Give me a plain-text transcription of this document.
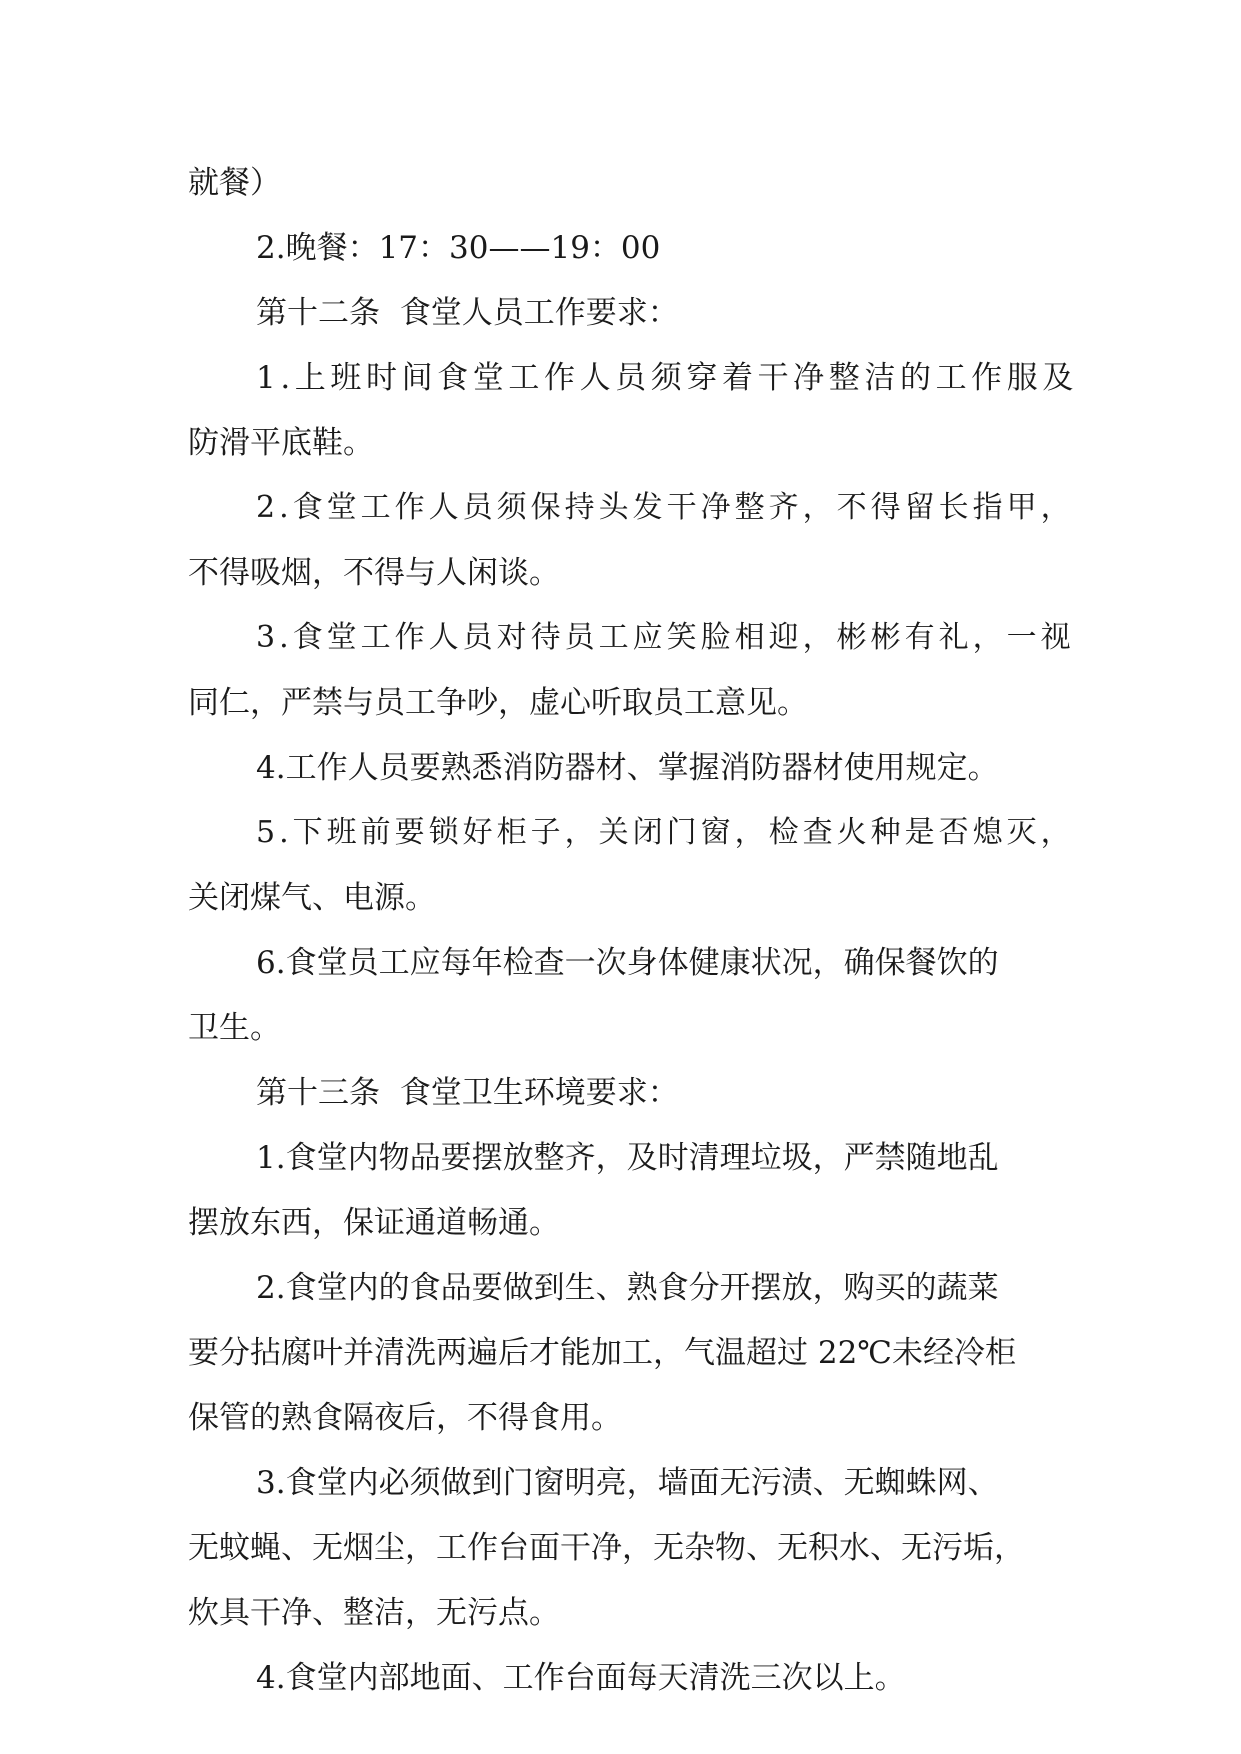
就餐）
2.晚餐：17：30——19：00
第十二条  食堂人员工作要求：
1.上班时间食堂工作人员须穿着干净整洁的工作服及
防滑平底鞋。
2.食堂工作人员须保持头发干净整齐，不得留长指甲，
不得吸烟，不得与人闲谈。
3.食堂工作人员对待员工应笑脸相迎，彬彬有礼，一视
同仁，严禁与员工争吵，虚心听取员工意见。
4.工作人员要熟悉消防器材、掌握消防器材使用规定。
5.下班前要锁好柜子，关闭门窗，检查火种是否熄灭，
关闭煤气、电源。
6.食堂员工应每年检查一次身体健康状况，确保餐饮的
卫生。
第十三条  食堂卫生环境要求：
1.食堂内物品要摆放整齐，及时清理垃圾，严禁随地乱
摆放东西，保证通道畅通。
2.食堂内的食品要做到生、熟食分开摆放，购买的蔬菜
要分拈腐叶并清洗两遍后才能加工，气温超过 22℃未经冷柜
保管的熟食隔夜后，不得食用。
3.食堂内必须做到门窗明亮，墙面无污渍、无蜘蛛网、
无蚊蝇、无烟尘，工作台面干净，无杂物、无积水、无污垢，
炊具干净、整洁，无污点。
4.食堂内部地面、工作台面每天清洗三次以上。
